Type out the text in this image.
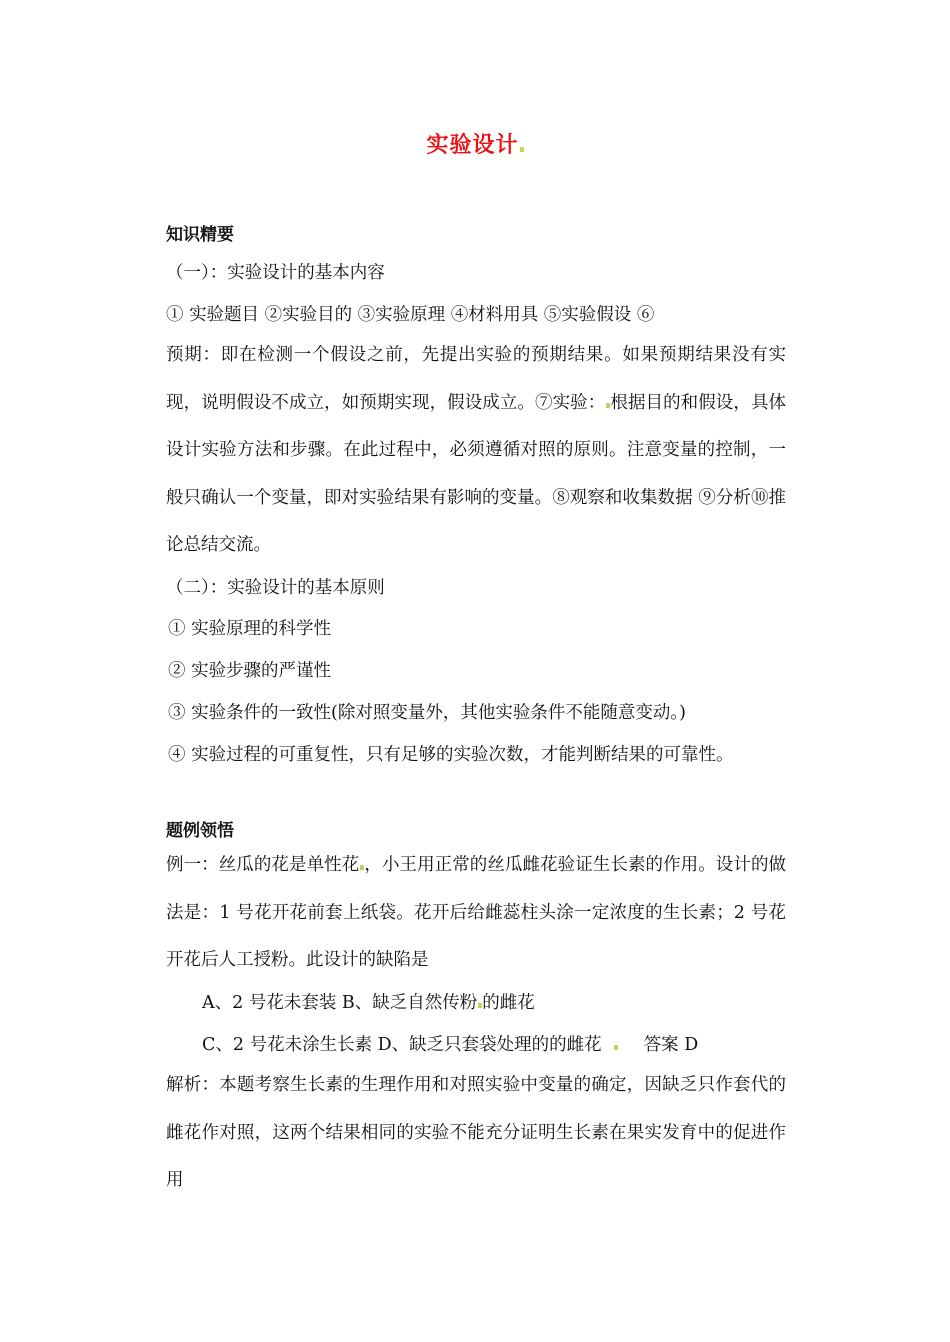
实验设计
知识精要
（一）：实验设计的基本内容
① 实验题目 ②实验目的 ③实验原理 ④材料用具 ⑤实验假设 ⑥
预期：即在检测一个假设之前，先提出实验的预期结果。如果预期结果没有实现，说明假设不成立，如预期实现，假设成立。⑦实验： 根据目的和假设，具体设计实验方法和步骤。在此过程中，必须遵循对照的原则。注意变量的控制，一般只确认一个变量，即对实验结果有影响的变量。⑧观察和收集数据 ⑨分析⑩推论总结交流。
（二）：实验设计的基本原则
① 实验原理的科学性
② 实验步骤的严谨性
③ 实验条件的一致性(除对照变量外，其他实验条件不能随意变动。)
④ 实验过程的可重复性，只有足够的实验次数，才能判断结果的可靠性。
题例领悟
例一：丝瓜的花是单性花 ，小王用正常的丝瓜雌花验证生长素的作用。设计的做法是：1 号花开花前套上纸袋。花开后给雌蕊柱头涂一定浓度的生长素；2 号花开花后人工授粉。此设计的缺陷是
A、2 号花未套装 B、缺乏自然传粉 的雌花
C、2 号花未涂生长素 D、缺乏只套袋处理的的雌花 答案 D
解析：本题考察生长素的生理作用和对照实验中变量的确定，因缺乏只作套代的雌花作对照，这两个结果相同的实验不能充分证明生长素在果实发育中的促进作用
